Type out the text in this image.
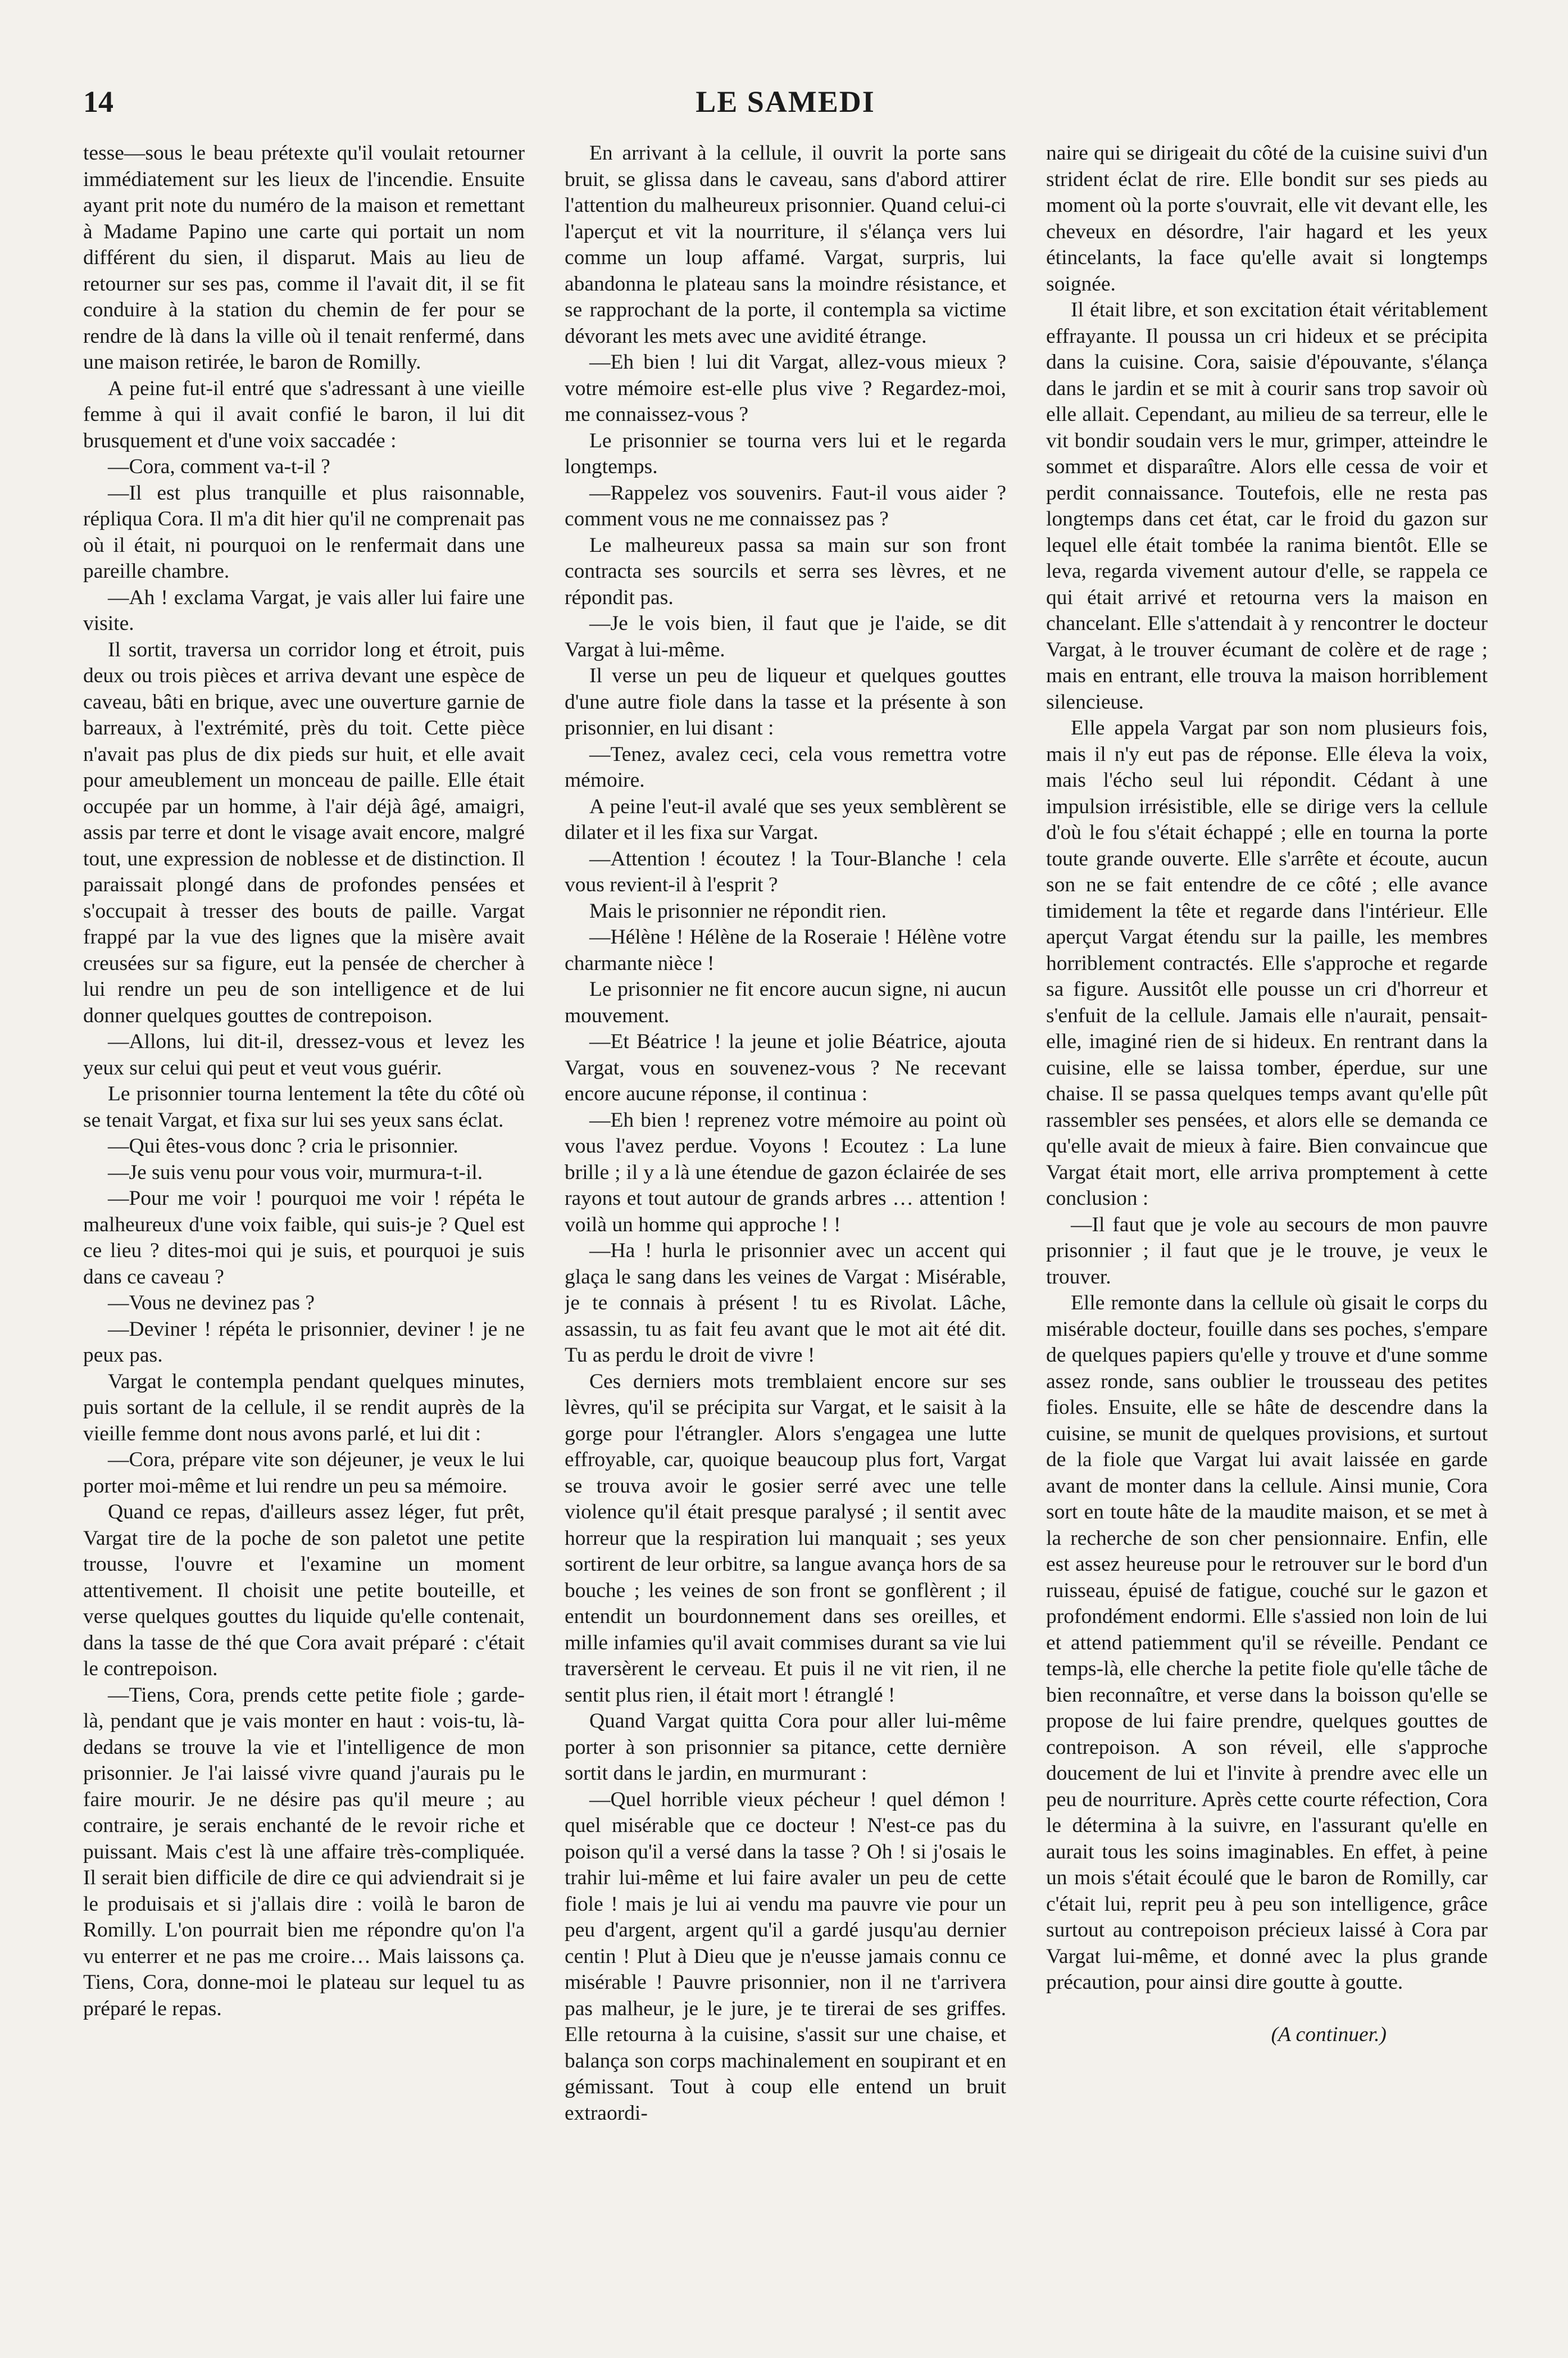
14	LE SAMEDI

tesse—sous le beau prétexte qu'il voulait retourner immédiatement sur les lieux de l'incendie. Ensuite ayant prit note du numéro de la maison et remettant à Madame Papino une carte qui portait un nom différent du sien, il disparut. Mais au lieu de retourner sur ses pas, comme il l'avait dit, il se fit conduire à la station du chemin de fer pour se rendre de là dans la ville où il tenait renfermé, dans une maison retirée, le baron de Romilly.

A peine fut-il entré que s'adressant à une vieille femme à qui il avait confié le baron, il lui dit brusquement et d'une voix saccadée :

—Cora, comment va-t-il ?

—Il est plus tranquille et plus raisonnable, répliqua Cora. Il m'a dit hier qu'il ne comprenait pas où il était, ni pourquoi on le renfermait dans une pareille chambre.

—Ah ! exclama Vargat, je vais aller lui faire une visite.

Il sortit, traversa un corridor long et étroit, puis deux ou trois pièces et arriva devant une espèce de caveau, bâti en brique, avec une ouverture garnie de barreaux, à l'extrémité, près du toit. Cette pièce n'avait pas plus de dix pieds sur huit, et elle avait pour ameublement un monceau de paille. Elle était occupée par un homme, à l'air déjà âgé, amaigri, assis par terre et dont le visage avait encore, malgré tout, une expression de noblesse et de distinction. Il paraissait plongé dans de profondes pensées et s'occupait à tresser des bouts de paille. Vargat frappé par la vue des lignes que la misère avait creusées sur sa figure, eut la pensée de chercher à lui rendre un peu de son intelligence et de lui donner quelques gouttes de contrepoison.

—Allons, lui dit-il, dressez-vous et levez les yeux sur celui qui peut et veut vous guérir.

Le prisonnier tourna lentement la tête du côté où se tenait Vargat, et fixa sur lui ses yeux sans éclat.

—Qui êtes-vous donc ? cria le prisonnier.

—Je suis venu pour vous voir, murmura-t-il.

—Pour me voir ! pourquoi me voir ! répéta le malheureux d'une voix faible, qui suis-je ? Quel est ce lieu ? dites-moi qui je suis, et pourquoi je suis dans ce caveau ?

—Vous ne devinez pas ?

—Deviner ! répéta le prisonnier, deviner ! je ne peux pas.

Vargat le contempla pendant quelques minutes, puis sortant de la cellule, il se rendit auprès de la vieille femme dont nous avons parlé, et lui dit :

—Cora, prépare vite son déjeuner, je veux le lui porter moi-même et lui rendre un peu sa mémoire.

Quand ce repas, d'ailleurs assez léger, fut prêt, Vargat tire de la poche de son paletot une petite trousse, l'ouvre et l'examine un moment attentivement. Il choisit une petite bouteille, et verse quelques gouttes du liquide qu'elle contenait, dans la tasse de thé que Cora avait préparé : c'était le contrepoison.

—Tiens, Cora, prends cette petite fiole ; garde-là, pendant que je vais monter en haut : vois-tu, là-dedans se trouve la vie et l'intelligence de mon prisonnier. Je l'ai laissé vivre quand j'aurais pu le faire mourir. Je ne désire pas qu'il meure ; au contraire, je serais enchanté de le revoir riche et puissant. Mais c'est là une affaire très-compliquée. Il serait bien difficile de dire ce qui adviendrait si je le produisais et si j'allais dire : voilà le baron de Romilly. L'on pourrait bien me répondre qu'on l'a vu enterrer et ne pas me croire… Mais laissons ça. Tiens, Cora, donne-moi le plateau sur lequel tu as préparé le repas.

En arrivant à la cellule, il ouvrit la porte sans bruit, se glissa dans le caveau, sans d'abord attirer l'attention du malheureux prisonnier. Quand celui-ci l'aperçut et vit la nourriture, il s'élança vers lui comme un loup affamé. Vargat, surpris, lui abandonna le plateau sans la moindre résistance, et se rapprochant de la porte, il contempla sa victime dévorant les mets avec une avidité étrange.

—Eh bien ! lui dit Vargat, allez-vous mieux ? votre mémoire est-elle plus vive ? Regardez-moi, me connaissez-vous ?

Le prisonnier se tourna vers lui et le regarda longtemps.

—Rappelez vos souvenirs. Faut-il vous aider ? comment vous ne me connaissez pas ?

Le malheureux passa sa main sur son front contracta ses sourcils et serra ses lèvres, et ne répondit pas.

—Je le vois bien, il faut que je l'aide, se dit Vargat à lui-même.

Il verse un peu de liqueur et quelques gouttes d'une autre fiole dans la tasse et la présente à son prisonnier, en lui disant :

—Tenez, avalez ceci, cela vous remettra votre mémoire.

A peine l'eut-il avalé que ses yeux semblèrent se dilater et il les fixa sur Vargat.

—Attention ! écoutez ! la Tour-Blanche ! cela vous revient-il à l'esprit ?

Mais le prisonnier ne répondit rien.

—Hélène ! Hélène de la Roseraie ! Hélène votre charmante nièce !

Le prisonnier ne fit encore aucun signe, ni aucun mouvement.

—Et Béatrice ! la jeune et jolie Béatrice, ajouta Vargat, vous en souvenez-vous ? Ne recevant encore aucune réponse, il continua :

—Eh bien ! reprenez votre mémoire au point où vous l'avez perdue. Voyons ! Ecoutez : La lune brille ; il y a là une étendue de gazon éclairée de ses rayons et tout autour de grands arbres … attention ! voilà un homme qui approche ! !

—Ha ! hurla le prisonnier avec un accent qui glaça le sang dans les veines de Vargat : Misérable, je te connais à présent ! tu es Rivolat. Lâche, assassin, tu as fait feu avant que le mot ait été dit. Tu as perdu le droit de vivre !

Ces derniers mots tremblaient encore sur ses lèvres, qu'il se précipita sur Vargat, et le saisit à la gorge pour l'étrangler. Alors s'engagea une lutte effroyable, car, quoique beaucoup plus fort, Vargat se trouva avoir le gosier serré avec une telle violence qu'il était presque paralysé ; il sentit avec horreur que la respiration lui manquait ; ses yeux sortirent de leur orbitre, sa langue avança hors de sa bouche ; les veines de son front se gonflèrent ; il entendit un bourdonnement dans ses oreilles, et mille infamies qu'il avait commises durant sa vie lui traversèrent le cerveau. Et puis il ne vit rien, il ne sentit plus rien, il était mort ! étranglé !

Quand Vargat quitta Cora pour aller lui-même porter à son prisonnier sa pitance, cette dernière sortit dans le jardin, en murmurant :

—Quel horrible vieux pécheur ! quel démon ! quel misérable que ce docteur ! N'est-ce pas du poison qu'il a versé dans la tasse ? Oh ! si j'osais le trahir lui-même et lui faire avaler un peu de cette fiole ! mais je lui ai vendu ma pauvre vie pour un peu d'argent, argent qu'il a gardé jusqu'au dernier centin ! Plut à Dieu que je n'eusse jamais connu ce misérable ! Pauvre prisonnier, non il ne t'arrivera pas malheur, je le jure, je te tirerai de ses griffes. Elle retourna à la cuisine, s'assit sur une chaise, et balança son corps machinalement en soupirant et en gémissant. Tout à coup elle entend un bruit extraordi-

naire qui se dirigeait du côté de la cuisine suivi d'un strident éclat de rire. Elle bondit sur ses pieds au moment où la porte s'ouvrait, elle vit devant elle, les cheveux en désordre, l'air hagard et les yeux étincelants, la face qu'elle avait si longtemps soignée.

Il était libre, et son excitation était véritablement effrayante. Il poussa un cri hideux et se précipita dans la cuisine. Cora, saisie d'épouvante, s'élança dans le jardin et se mit à courir sans trop savoir où elle allait. Cependant, au milieu de sa terreur, elle le vit bondir soudain vers le mur, grimper, atteindre le sommet et disparaître. Alors elle cessa de voir et perdit connaissance. Toutefois, elle ne resta pas longtemps dans cet état, car le froid du gazon sur lequel elle était tombée la ranima bientôt. Elle se leva, regarda vivement autour d'elle, se rappela ce qui était arrivé et retourna vers la maison en chancelant. Elle s'attendait à y rencontrer le docteur Vargat, à le trouver écumant de colère et de rage ; mais en entrant, elle trouva la maison horriblement silencieuse.

Elle appela Vargat par son nom plusieurs fois, mais il n'y eut pas de réponse. Elle éleva la voix, mais l'écho seul lui répondit. Cédant à une impulsion irrésistible, elle se dirige vers la cellule d'où le fou s'était échappé ; elle en tourna la porte toute grande ouverte. Elle s'arrête et écoute, aucun son ne se fait entendre de ce côté ; elle avance timidement la tête et regarde dans l'intérieur. Elle aperçut Vargat étendu sur la paille, les membres horriblement contractés. Elle s'approche et regarde sa figure. Aussitôt elle pousse un cri d'horreur et s'enfuit de la cellule. Jamais elle n'aurait, pensait-elle, imaginé rien de si hideux. En rentrant dans la cuisine, elle se laissa tomber, éperdue, sur une chaise. Il se passa quelques temps avant qu'elle pût rassembler ses pensées, et alors elle se demanda ce qu'elle avait de mieux à faire. Bien convaincue que Vargat était mort, elle arriva promptement à cette conclusion :

—Il faut que je vole au secours de mon pauvre prisonnier ; il faut que je le trouve, je veux le trouver.

Elle remonte dans la cellule où gisait le corps du misérable docteur, fouille dans ses poches, s'empare de quelques papiers qu'elle y trouve et d'une somme assez ronde, sans oublier le trousseau des petites fioles. Ensuite, elle se hâte de descendre dans la cuisine, se munit de quelques provisions, et surtout de la fiole que Vargat lui avait laissée en garde avant de monter dans la cellule. Ainsi munie, Cora sort en toute hâte de la maudite maison, et se met à la recherche de son cher pensionnaire. Enfin, elle est assez heureuse pour le retrouver sur le bord d'un ruisseau, épuisé de fatigue, couché sur le gazon et profondément endormi. Elle s'assied non loin de lui et attend patiemment qu'il se réveille. Pendant ce temps-là, elle cherche la petite fiole qu'elle tâche de bien reconnaître, et verse dans la boisson qu'elle se propose de lui faire prendre, quelques gouttes de contrepoison. A son réveil, elle s'approche doucement de lui et l'invite à prendre avec elle un peu de nourriture. Après cette courte réfection, Cora le détermina à la suivre, en l'assurant qu'elle en aurait tous les soins imaginables. En effet, à peine un mois s'était écoulé que le baron de Romilly, car c'était lui, reprit peu à peu son intelligence, grâce surtout au contrepoison précieux laissé à Cora par Vargat lui-même, et donné avec la plus grande précaution, pour ainsi dire goutte à goutte.

(A continuer.)
